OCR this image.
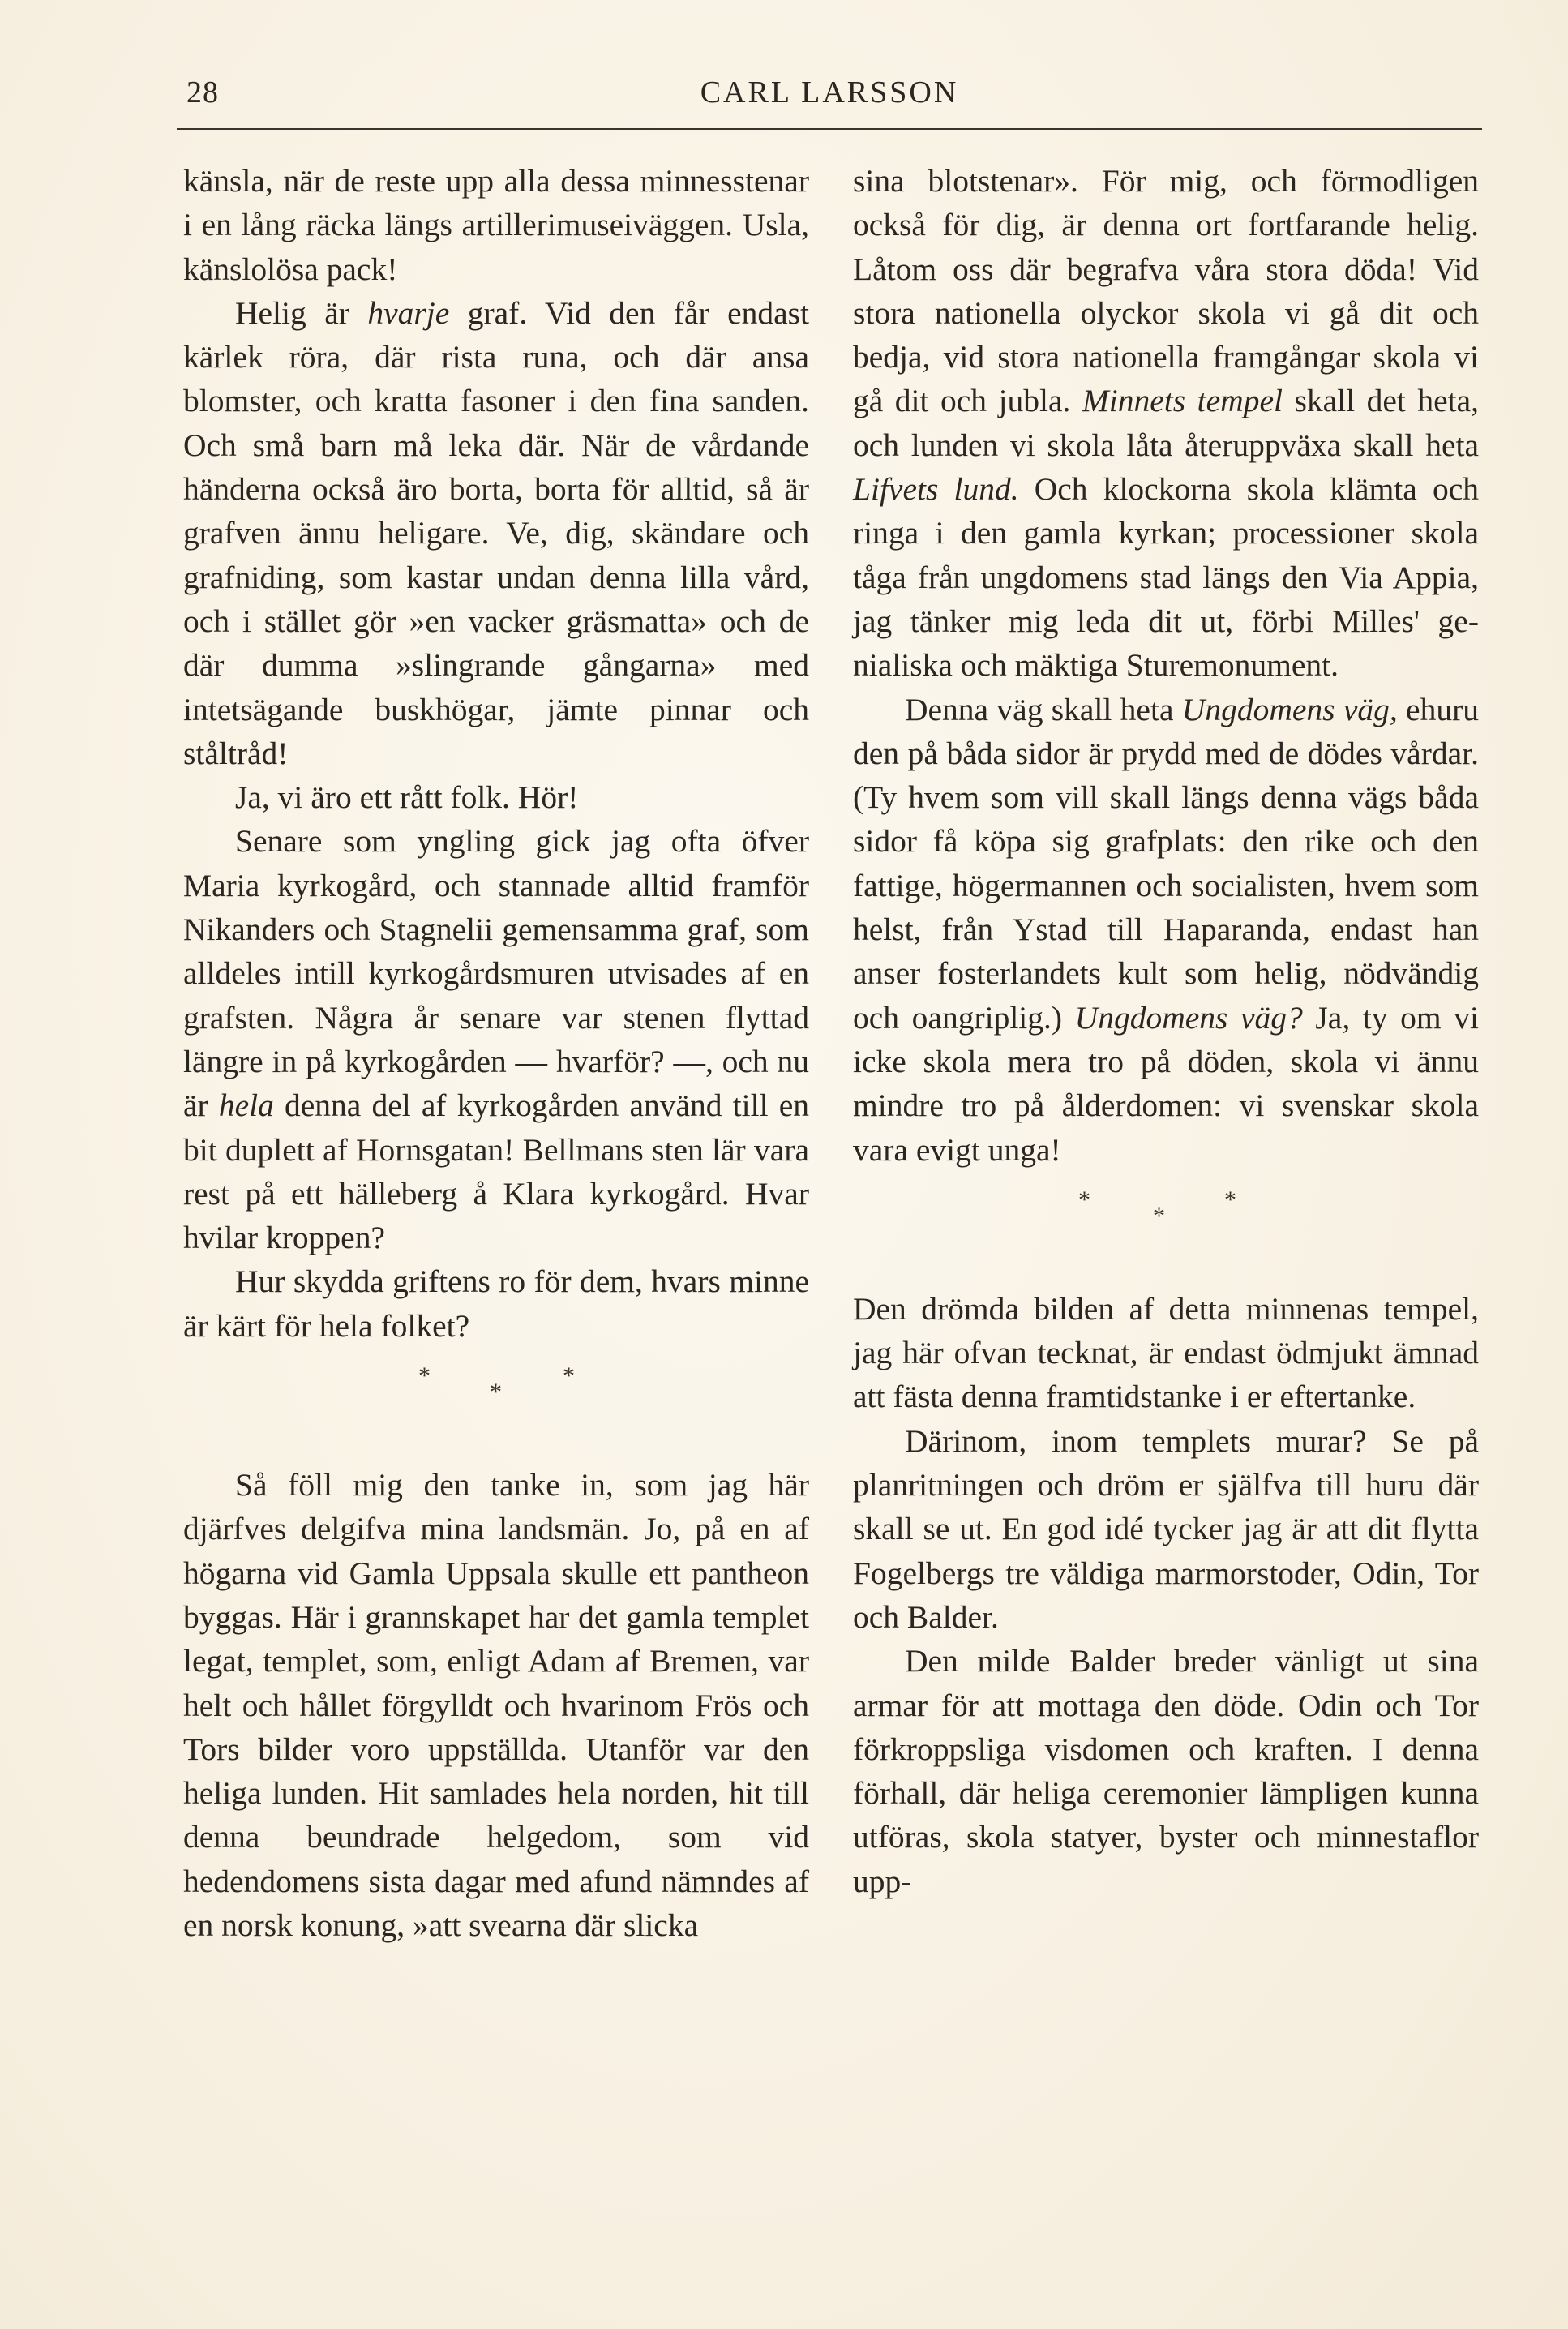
28	CARL LARSSON

känsla, när de reste upp alla dessa minnesstenar i en lång räcka längs artillerimuseiväggen. Usla, känslolösa pack!

Helig är hvarje graf. Vid den får endast kärlek röra, där rista runa, och där ansa blomster, och kratta fasoner i den fina sanden. Och små barn må leka där. När de vårdande händerna också äro borta, borta för alltid, så är grafven ännu heligare. Ve, dig, skändare och grafniding, som kastar undan denna lilla vård, och i stället gör »en vacker gräsmatta» och de där dumma »slingrande gångarna» med intetsägande buskhögar, jämte pinnar och ståltråd!

Ja, vi äro ett rått folk. Hör!

Senare som yngling gick jag ofta öfver Maria kyrkogård, och stannade alltid framför Nikanders och Stagnelii gemensamma graf, som alldeles intill kyrkogårdsmuren utvisades af en grafsten. Några år senare var stenen flyttad längre in på kyrkogården — hvarför? —, och nu är hela denna del af kyrkogården använd till en bit duplett af Hornsgatan! Bellmans sten lär vara rest på ett hälleberg å Klara kyrkogård. Hvar hvilar kroppen?

Hur skydda griftens ro för dem, hvars minne är kärt för hela folket?

*
*
*

Så föll mig den tanke in, som jag här djärfves delgifva mina landsmän. Jo, på en af högarna vid Gamla Uppsala skulle ett pantheon byggas. Här i grannskapet har det gamla templet legat, templet, som, enligt Adam af Bremen, var helt och hållet förgylldt och hvarinom Frös och Tors bilder voro uppställda. Utanför var den heliga lunden. Hit samlades hela norden, hit till denna beundrade helgedom, som vid hedendomens sista dagar med afund nämndes af en norsk konung, »att svearna där slicka

sina blotstenar». För mig, och förmodligen också för dig, är denna ort fortfarande helig. Låtom oss där begrafva våra stora döda! Vid stora nationella olyckor skola vi gå dit och bedja, vid stora nationella framgångar skola vi gå dit och jubla. Minnets tempel skall det heta, och lunden vi skola låta återuppväxa skall heta Lifvets lund. Och klockorna skola klämta och ringa i den gamla kyrkan; processioner skola tåga från ungdomens stad längs den Via Appia, jag tänker mig leda dit ut, förbi Milles' genialiska och mäktiga Sturemonument.

Denna väg skall heta Ungdomens väg, ehuru den på båda sidor är prydd med de dödes vårdar. (Ty hvem som vill skall längs denna vägs båda sidor få köpa sig grafplats: den rike och den fattige, högermannen och socialisten, hvem som helst, från Ystad till Haparanda, endast han anser fosterlandets kult som helig, nödvändig och oangriplig.) Ungdomens väg? Ja, ty om vi icke skola mera tro på döden, skola vi ännu mindre tro på ålderdomen: vi svenskar skola vara evigt unga!

*
*
*

Den drömda bilden af detta minnenas tempel, jag här ofvan tecknat, är endast ödmjukt ämnad att fästa denna framtidstanke i er eftertanke.

Därinom, inom templets murar? Se på planritningen och dröm er själfva till huru där skall se ut. En god idé tycker jag är att dit flytta Fogelbergs tre väldiga marmorstoder, Odin, Tor och Balder.

Den milde Balder breder vänligt ut sina armar för att mottaga den döde. Odin och Tor förkroppsliga visdomen och kraften. I denna förhall, där heliga ceremonier lämpligen kunna utföras, skola statyer, byster och minnestaflor upp-
